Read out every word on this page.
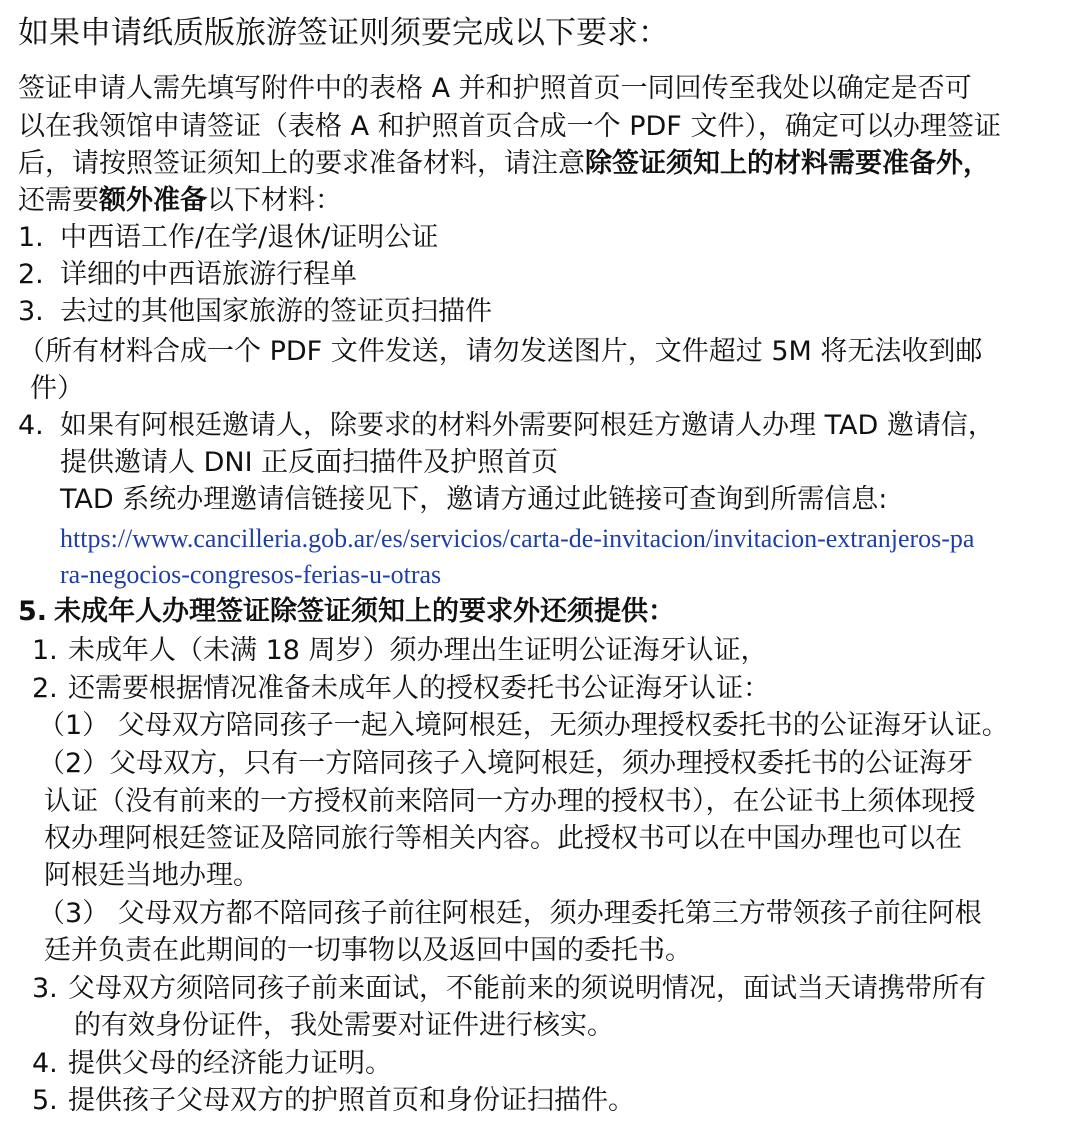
如果申请纸质版旅游签证则须要完成以下要求：
签证申请人需先填写附件中的表格 A 并和护照首页一同回传至我处以确定是否可
以在我领馆申请签证（表格 A 和护照首页合成一个 PDF 文件），确定可以办理签证
后，请按照签证须知上的要求准备材料，请注意除签证须知上的材料需要准备外，
还需要额外准备以下材料：
1. 中西语工作/在学/退休/证明公证
2. 详细的中西语旅游行程单
3. 去过的其他国家旅游的签证页扫描件
（所有材料合成一个 PDF 文件发送，请勿发送图片，文件超过 5M 将无法收到邮
件）
4. 如果有阿根廷邀请人，除要求的材料外需要阿根廷方邀请人办理 TAD 邀请信，
提供邀请人 DNI 正反面扫描件及护照首页
TAD 系统办理邀请信链接见下，邀请方通过此链接可查询到所需信息:
https://www.cancilleria.gob.ar/es/servicios/carta-de-invitacion/invitacion-extranjeros-pa
ra-negocios-congresos-ferias-u-otras
5. 未成年人办理签证除签证须知上的要求外还须提供：
1. 未成年人（未满 18 周岁）须办理出生证明公证海牙认证，
2. 还需要根据情况准备未成年人的授权委托书公证海牙认证：
（1） 父母双方陪同孩子一起入境阿根廷，无须办理授权委托书的公证海牙认证。
（2）父母双方，只有一方陪同孩子入境阿根廷，须办理授权委托书的公证海牙
认证（没有前来的一方授权前来陪同一方办理的授权书），在公证书上须体现授
权办理阿根廷签证及陪同旅行等相关内容。此授权书可以在中国办理也可以在
阿根廷当地办理。
（3） 父母双方都不陪同孩子前往阿根廷，须办理委托第三方带领孩子前往阿根
廷并负责在此期间的一切事物以及返回中国的委托书。
3. 父母双方须陪同孩子前来面试，不能前来的须说明情况，面试当天请携带所有
的有效身份证件，我处需要对证件进行核实。
4. 提供父母的经济能力证明。
5. 提供孩子父母双方的护照首页和身份证扫描件。
